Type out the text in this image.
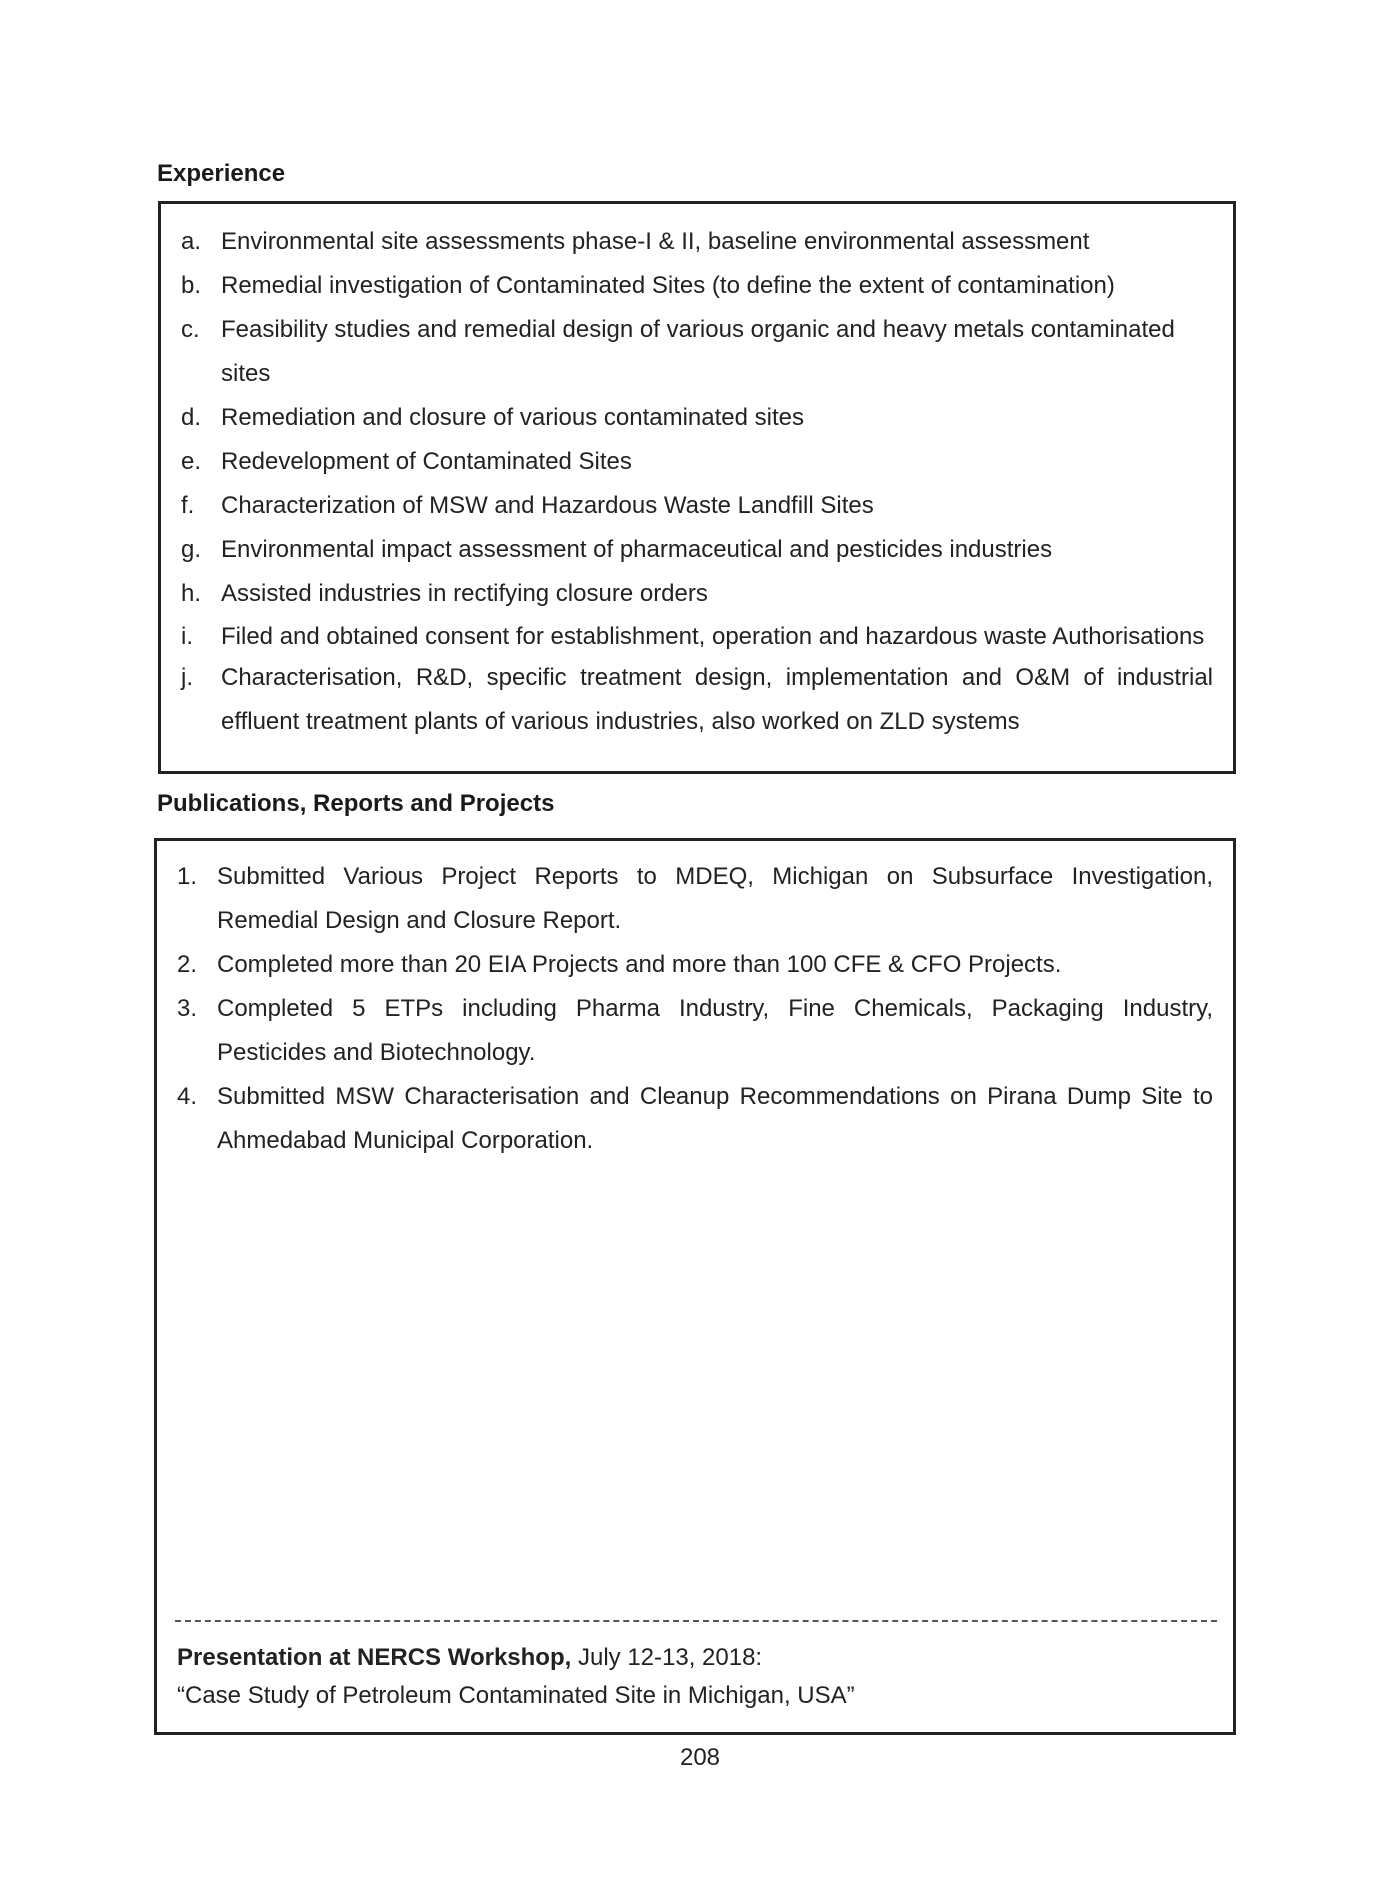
Experience
a. Environmental site assessments phase-I & II, baseline environmental assessment
b. Remedial investigation of Contaminated Sites (to define the extent of contamination)
c. Feasibility studies and remedial design of various organic and heavy metals contaminated sites
d. Remediation and closure of various contaminated sites
e. Redevelopment of Contaminated Sites
f. Characterization of MSW and Hazardous Waste Landfill Sites
g. Environmental impact assessment of pharmaceutical and pesticides industries
h. Assisted industries in rectifying closure orders
i. Filed and obtained consent for establishment, operation and hazardous waste Authorisations
j. Characterisation, R&D, specific treatment design, implementation and O&M of industrial effluent treatment plants of various industries, also worked on ZLD systems
Publications, Reports and Projects
1. Submitted Various Project Reports to MDEQ, Michigan on Subsurface Investigation, Remedial Design and Closure Report.
2. Completed more than 20 EIA Projects and more than 100 CFE & CFO Projects.
3. Completed 5 ETPs including Pharma Industry, Fine Chemicals, Packaging Industry, Pesticides and Biotechnology.
4. Submitted MSW Characterisation and Cleanup Recommendations on Pirana Dump Site to Ahmedabad Municipal Corporation.
Presentation at NERCS Workshop, July 12-13, 2018:
“Case Study of Petroleum Contaminated Site in Michigan, USA”
208
